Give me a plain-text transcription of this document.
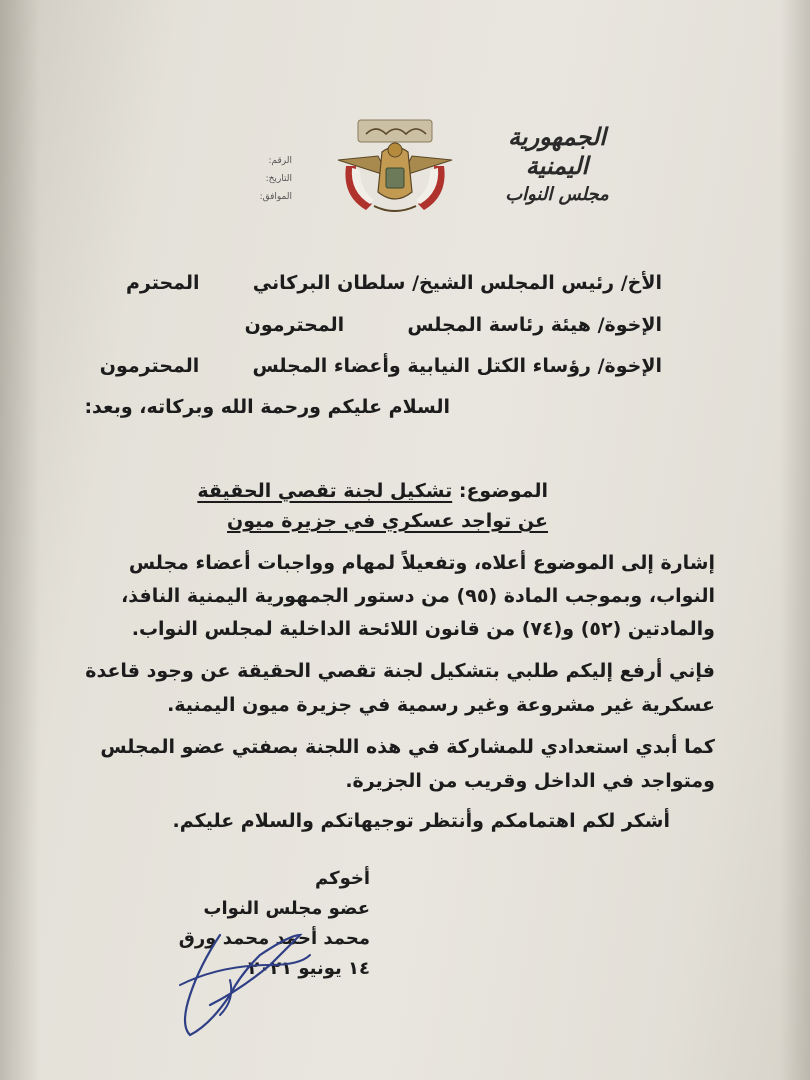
الجمهورية اليمنية
مجلس النواب
الرقم:
التاريخ:
الموافق:
الأخ/ رئيس المجلس الشيخ/ سلطان البركاني  المحترم
الإخوة/ هيئة رئاسة المجلس  المحترمون
الإخوة/ رؤساء الكتل النيابية وأعضاء المجلس  المحترمون
السلام عليكم ورحمة الله وبركاته، وبعد:
الموضوع: تشكيل لجنة تقصي الحقيقة
عن تواجد عسكري في جزيرة ميون
إشارة إلى الموضوع أعلاه، وتفعيلاً لمهام وواجبات أعضاء مجلس
النواب، وبموجب المادة (٩٥) من دستور الجمهورية اليمنية النافذ،
والمادتين (٥٢) و(٧٤) من قانون اللائحة الداخلية لمجلس النواب.
فإني أرفع إليكم طلبي بتشكيل لجنة تقصي الحقيقة عن وجود قاعدة
عسكرية غير مشروعة وغير رسمية في جزيرة ميون اليمنية.
كما أبدي استعدادي للمشاركة في هذه اللجنة بصفتي عضو المجلس
ومتواجد في الداخل وقريب من الجزيرة.
أشكر لكم اهتمامكم وأنتظر توجيهاتكم والسلام عليكم.
أخوكم
عضو مجلس النواب
محمد أحمد محمد ورق
١٤ يونيو ٢٠٢١
